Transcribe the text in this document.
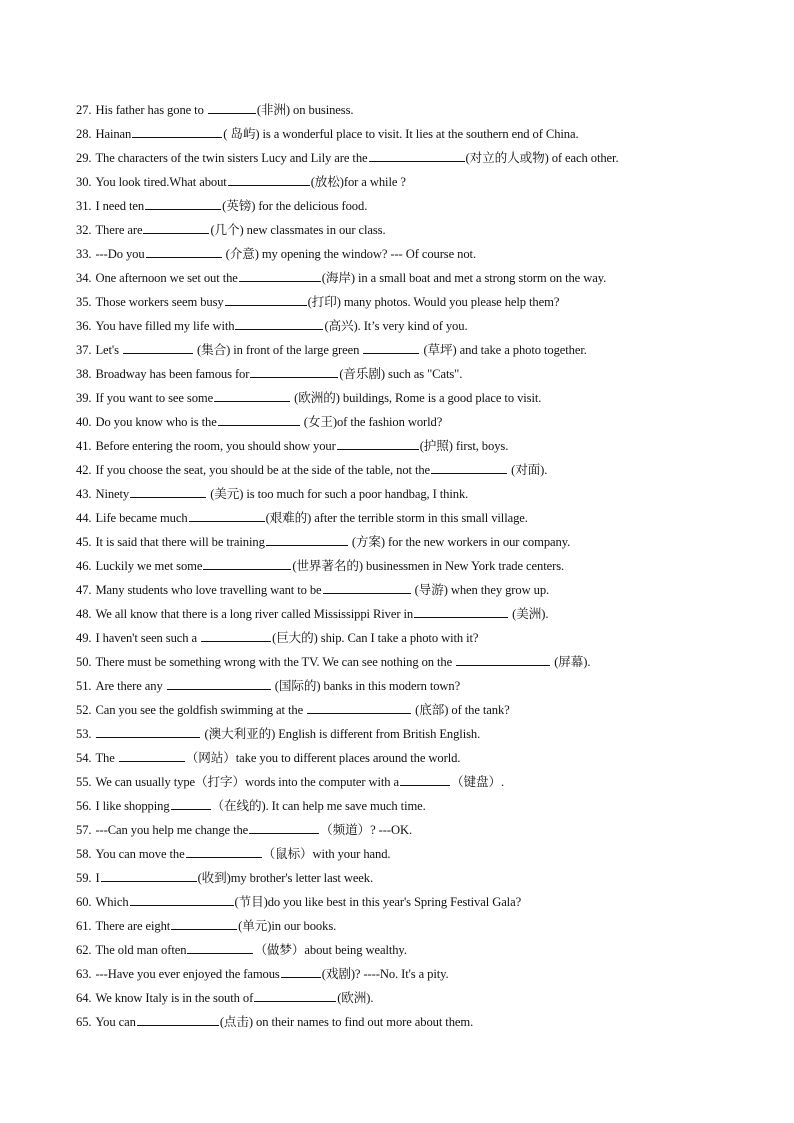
27. His father has gone to	(非洲) on business.
28. Hainan	( 岛屿) is a wonderful place to visit. It lies at the southern end of China.
29. The characters of the twin sisters Lucy and Lily are the	(对立的人或物) of each other.
30. You look tired.What about	(放松)for a while ?
31. I need ten	(英镑) for the delicious food.
32. There are	(几个) new classmates in our class.
33. ---Do you	(介意) my opening the window? --- Of course not.
34. One afternoon we set out the	(海岸) in a small boat and met a strong storm on the way.
35. Those workers seem busy	(打印) many photos. Would you please help them?
36. You have filled my life with	(高兴). It’s very kind of you.
37. Let's	(集合) in front of the large green	(草坪) and take a photo together.
38. Broadway has been famous for	(音乐剧) such as "Cats".
39. If you want to see some	(欧洲的) buildings, Rome is a good place to visit.
40. Do you know who is the	(女王)of the fashion world?
41. Before entering the room, you should show your	(护照) first, boys.
42. If you choose the seat, you should be at the side of the table, not the	(对面).
43. Ninety	(美元) is too much for such a poor handbag, I think.
44. Life became much	(艰难的) after the terrible storm in this small village.
45. It is said that there will be training	(方案) for the new workers in our company.
46. Luckily we met some	(世界著名的) businessmen in New York trade centers.
47. Many students who love travelling want to be	(导游) when they grow up.
48. We all know that there is a long river called Mississippi River in	(美洲).
49. I haven't seen such a	(巨大的) ship. Can I take a photo with it?
50. There must be something wrong with the TV. We can see nothing on the	(屏幕).
51. Are there any	(国际的) banks in this modern town?
52. Can you see the goldfish swimming at the	(底部) of the tank?
53.	(澳大利亚的) English is different from British English.
54. The	（网站）take you to different places around the world.
55. We can usually type（打字）words into the computer with a	（键盘）.
56. I like shopping	（在线的). It can help me save much time.
57. ---Can you help me change the	（频道）? ---OK.
58. You can move the	（鼠标）with your hand.
59. I	(收到)my brother's letter last week.
60. Which	(节目)do you like best in this year's Spring Festival Gala?
61. There are eight	(单元)in our books.
62. The old man often	（做梦）about being wealthy.
63. ---Have you ever enjoyed the famous	(戏剧)? ----No. It's a pity.
64. We know Italy is in the south of	(欧洲).
65. You can	(点击) on their names to find out more about them.
